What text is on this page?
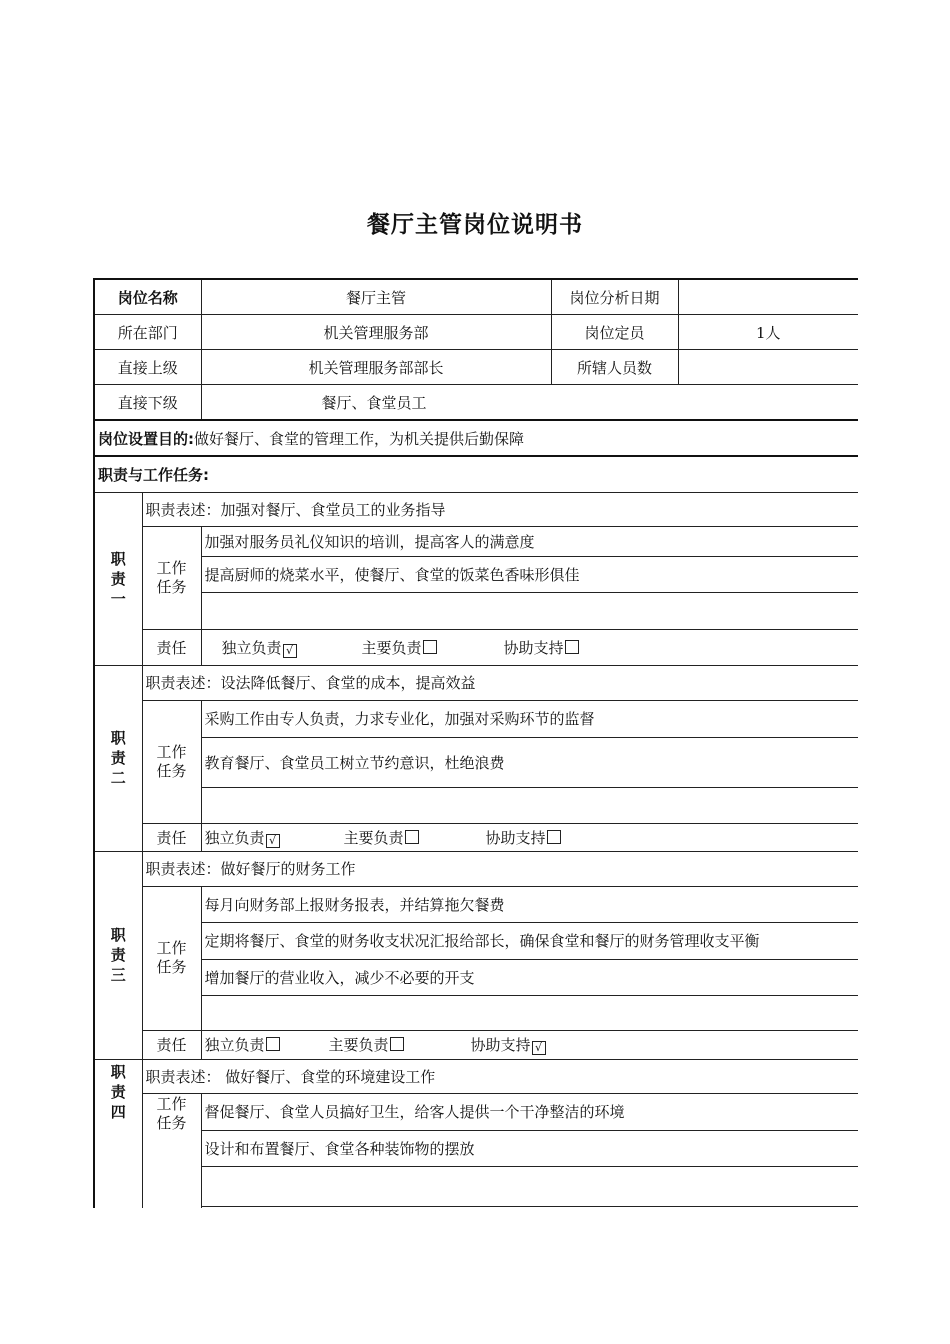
餐厅主管岗位说明书
岗位名称		餐厅主管	岗位分析日期	
所在部门		机关管理服务部	岗位定员	1人
直接上级		机关管理服务部部长	所辖人员数	
直接下级		餐厅、食堂员工		
岗位设置目的:做好餐厅、食堂的管理工作，为机关提供后勤保障				
职责与工作任务:				

职
责
一	职责表述：加强对餐厅、食堂员工的业务指导			

	工作
任务	加强对服务员礼仪知识的培训，提高客人的满意度		
		提高厨师的烧菜水平，使餐厅、食堂的饭菜色香味形俱佳		

	责任	独立负责 √ 主要负责 协助支持		

职
责
二	职责表述：设法降低餐厅、食堂的成本，提高效益			

	工作
任务	采购工作由专人负责，力求专业化，加强对采购环节的监督		
		教育餐厅、食堂员工树立节约意识，杜绝浪费		

	责任	独立负责 √ 主要负责 协助支持		

职
责
三	职责表述：做好餐厅的财务工作			

	工作
任务	每月向财务部上报财务报表，并结算拖欠餐费		
		定期将餐厅、食堂的财务收支状况汇报给部长，确保食堂和餐厅的财务管理收支平衡		
		增加餐厅的营业收入，减少不必要的开支		

	责任	独立负责 主要负责 协助支持 √		

职
责
四	职责表述： 做好餐厅、食堂的环境建设工作			

	工作
任务	督促餐厅、食堂人员搞好卫生，给客人提供一个干净整洁的环境		
		设计和布置餐厅、食堂各种装饰物的摆放		
